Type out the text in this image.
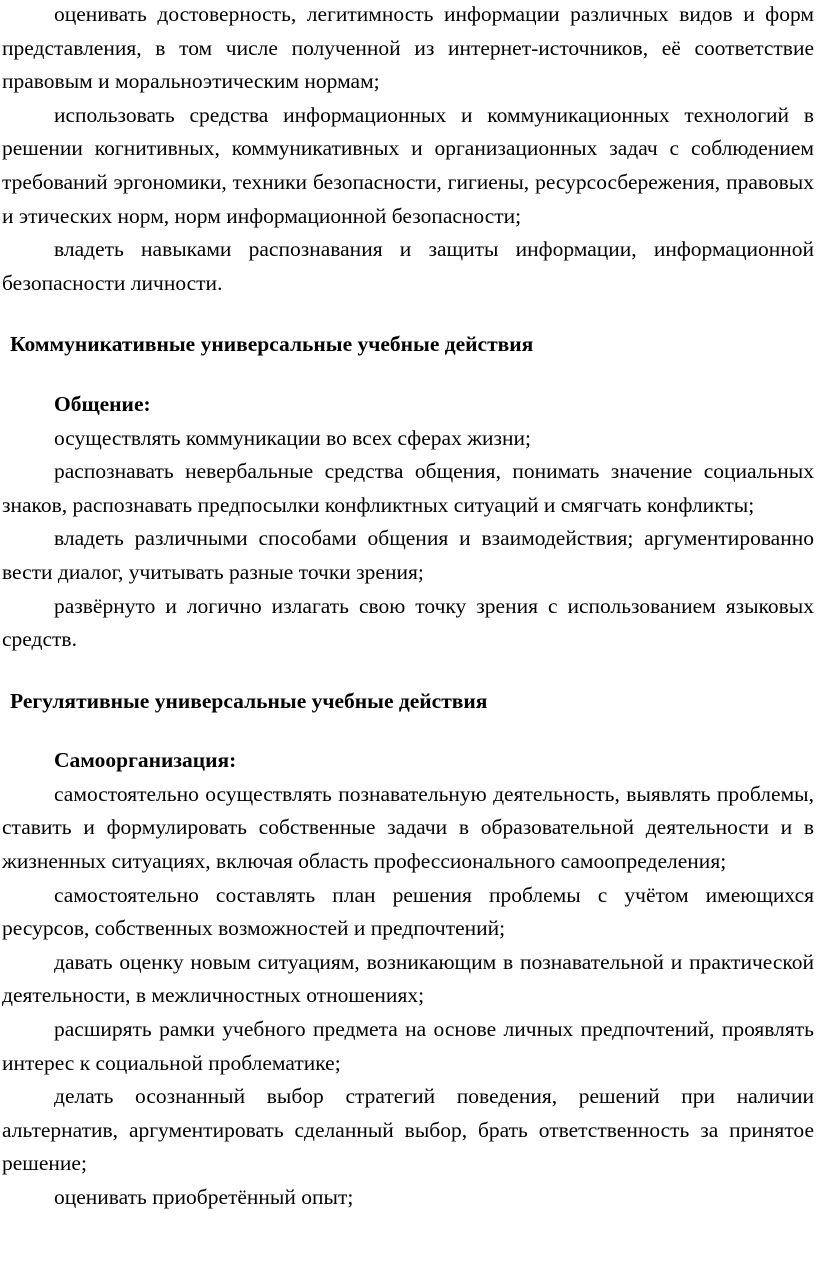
оценивать достоверность, легитимность информации различных видов и форм представления, в том числе полученной из интернет-источников, её соответствие правовым и моральноэтическим нормам;

использовать средства информационных и коммуникационных технологий в решении когнитивных, коммуникативных и организационных задач с соблюдением требований эргономики, техники безопасности, гигиены, ресурсосбережения, правовых и этических норм, норм информационной безопасности;

владеть навыками распознавания и защиты информации, информационной безопасности личности.

Коммуникативные универсальные учебные действия

Общение:

осуществлять коммуникации во всех сферах жизни;

распознавать невербальные средства общения, понимать значение социальных знаков, распознавать предпосылки конфликтных ситуаций и смягчать конфликты;

владеть различными способами общения и взаимодействия; аргументированно вести диалог, учитывать разные точки зрения;

развёрнуто и логично излагать свою точку зрения с использованием языковых средств.

Регулятивные универсальные учебные действия

Самоорганизация:

самостоятельно осуществлять познавательную деятельность, выявлять проблемы, ставить и формулировать собственные задачи в образовательной деятельности и в жизненных ситуациях, включая область профессионального самоопределения;

самостоятельно составлять план решения проблемы с учётом имеющихся ресурсов, собственных возможностей и предпочтений;

давать оценку новым ситуациям, возникающим в познавательной и практической деятельности, в межличностных отношениях;

расширять рамки учебного предмета на основе личных предпочтений, проявлять интерес к социальной проблематике;

делать осознанный выбор стратегий поведения, решений при наличии альтернатив, аргументировать сделанный выбор, брать ответственность за принятое решение;

оценивать приобретённый опыт;
